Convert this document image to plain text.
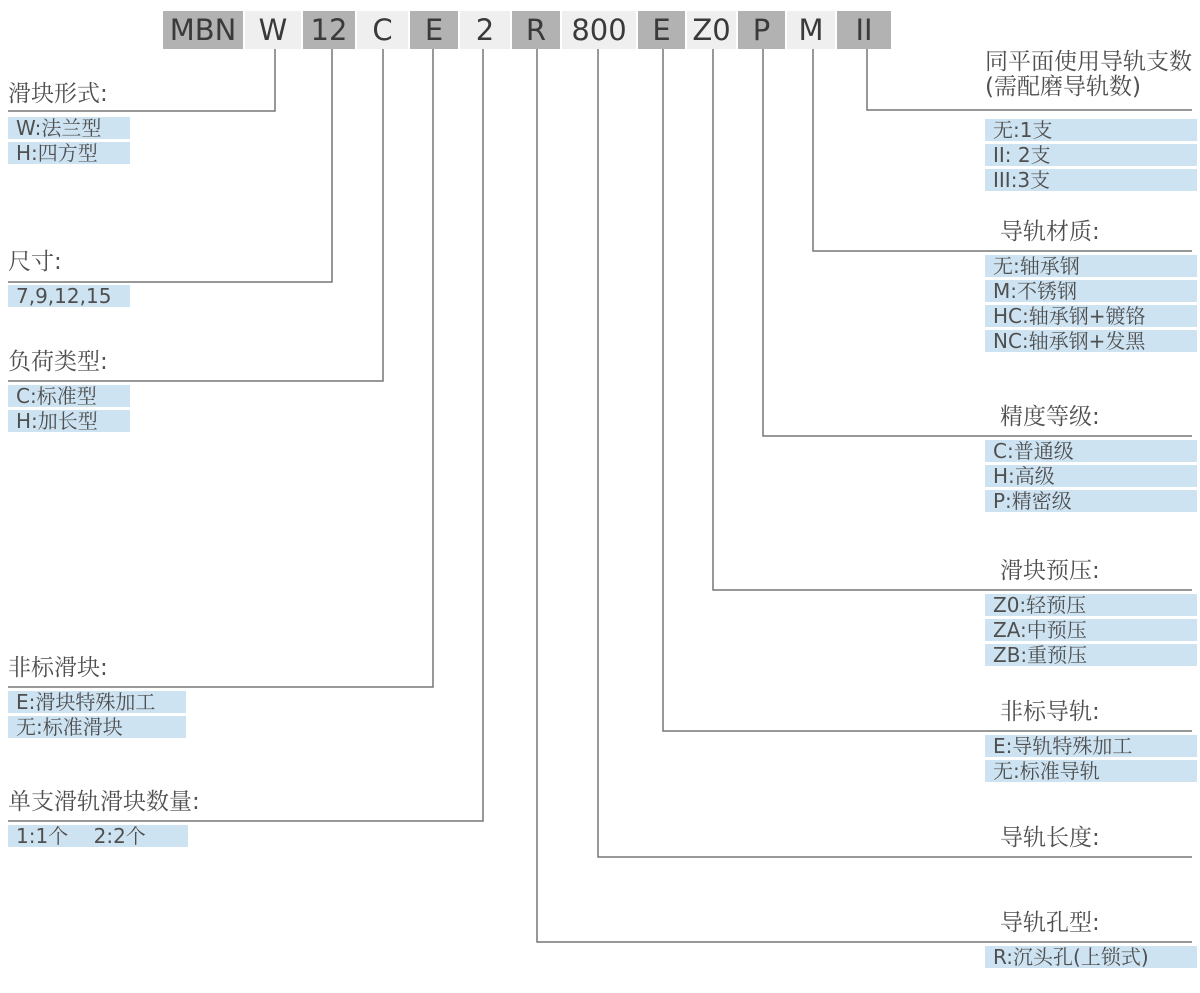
MBN W 12 C	E	2	R 800 E Z0 P M	II
滑块形式:
W:法兰型
H:四方型
尺寸:
7,9,12,15
负荷类型:
C:标准型
H:加长型
非标滑块:
E:滑块特殊加工
无:标准滑块
单支滑轨滑块数量:
1:1个    2:2个
同平面使用导轨支数
(需配磨导轨数)
无:1支
II: 2支
III:3支
导轨材质:
无:轴承钢
M:不锈钢
HC:轴承钢+镀铬
NC:轴承钢+发黑
精度等级:
C:普通级
H:高级
P:精密级
滑块预压:
Z0:轻预压
ZA:中预压
ZB:重预压
非标导轨:
E:导轨特殊加工
无:标准导轨
导轨长度:
导轨孔型:
R:沉头孔(上锁式)
